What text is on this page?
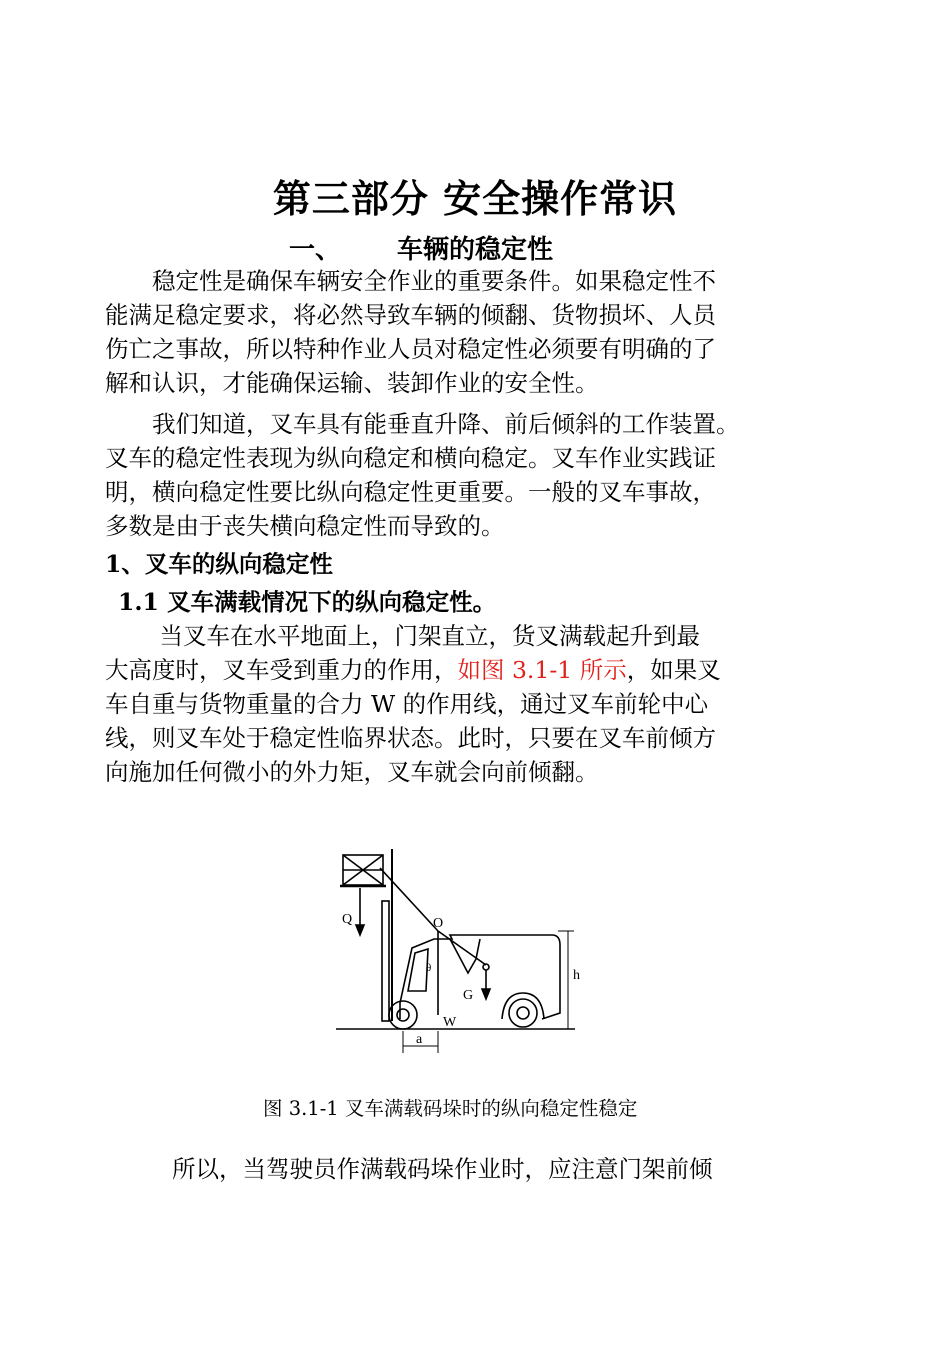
第三部分 安全操作常识
一、 车辆的稳定性
　　稳定性是确保车辆安全作业的重要条件。如果稳定性不
能满足稳定要求，将必然导致车辆的倾翻、货物损坏、人员
伤亡之事故，所以特种作业人员对稳定性必须要有明确的了
解和认识，才能确保运输、装卸作业的安全性。
　　我们知道，叉车具有能垂直升降、前后倾斜的工作装置。
叉车的稳定性表现为纵向稳定和横向稳定。叉车作业实践证
明，横向稳定性要比纵向稳定性更重要。一般的叉车事故，
多数是由于丧失横向稳定性而导致的。
1、叉车的纵向稳定性
1.1 叉车满载情况下的纵向稳定性。
　　 当叉车在水平地面上，门架直立，货叉满载起升到最
大高度时，叉车受到重力的作用，如图 3.1-1 所示，如果叉
车自重与货物重量的合力 W 的作用线，通过叉车前轮中心
线，则叉车处于稳定性临界状态。此时，只要在叉车前倾方
向施加任何微小的外力矩，叉车就会向前倾翻。
Q	O
G
W
h
a
θ
图 3.1-1 叉车满载码垛时的纵向稳定性稳定
所以，当驾驶员作满载码垛作业时，应注意门架前倾
